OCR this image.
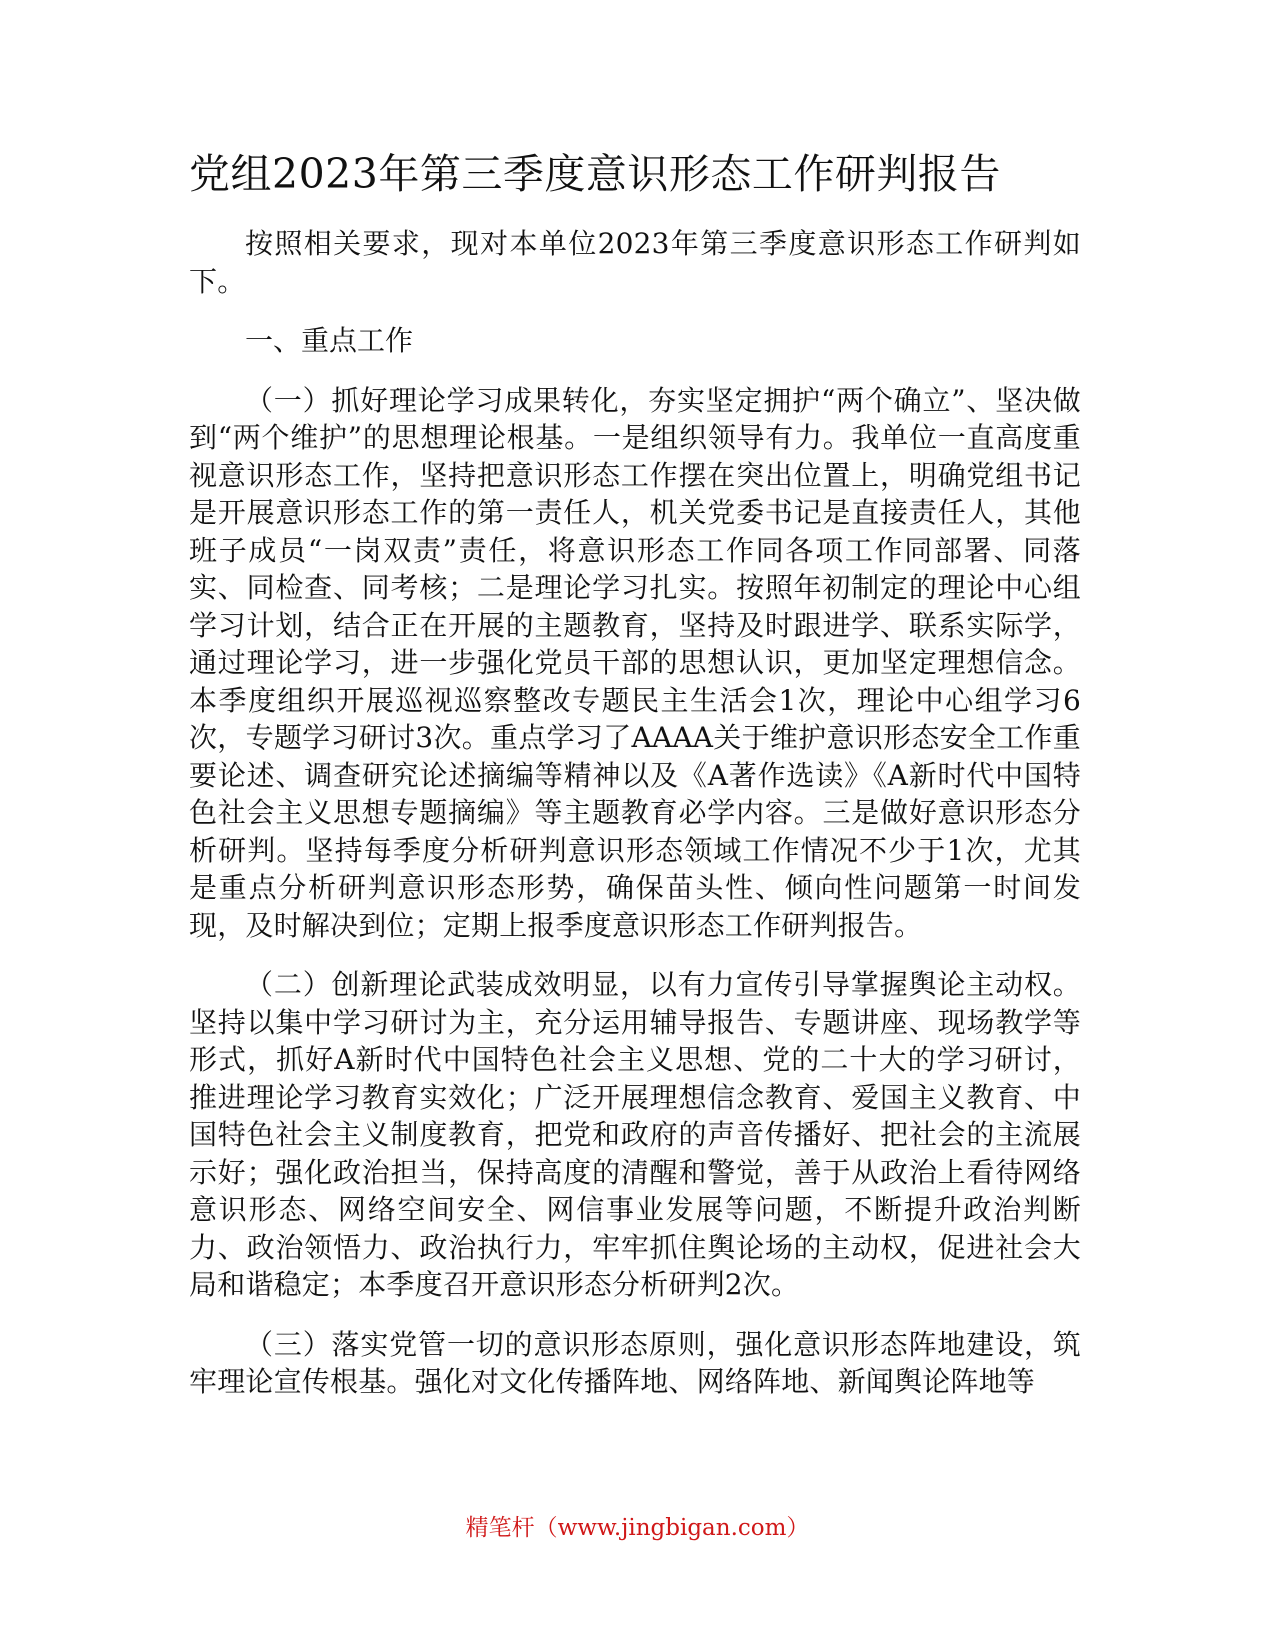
党组2023年第三季度意识形态工作研判报告

按照相关要求，现对本单位2023年第三季度意识形态工作研判如下。

一、重点工作

（一）抓好理论学习成果转化，夯实坚定拥护“两个确立”、坚决做到“两个维护”的思想理论根基。一是组织领导有力。我单位一直高度重视意识形态工作，坚持把意识形态工作摆在突出位置上，明确党组书记是开展意识形态工作的第一责任人，机关党委书记是直接责任人，其他班子成员“一岗双责”责任，将意识形态工作同各项工作同部署、同落实、同检查、同考核；二是理论学习扎实。按照年初制定的理论中心组学习计划，结合正在开展的主题教育，坚持及时跟进学、联系实际学，通过理论学习，进一步强化党员干部的思想认识，更加坚定理想信念。本季度组织开展巡视巡察整改专题民主生活会1次，理论中心组学习6次，专题学习研讨3次。重点学习了AAAA关于维护意识形态安全工作重要论述、调查研究论述摘编等精神以及《A著作选读》《A新时代中国特色社会主义思想专题摘编》等主题教育必学内容。三是做好意识形态分析研判。坚持每季度分析研判意识形态领域工作情况不少于1次，尤其是重点分析研判意识形态形势，确保苗头性、倾向性问题第一时间发现，及时解决到位；定期上报季度意识形态工作研判报告。

（二）创新理论武装成效明显，以有力宣传引导掌握舆论主动权。坚持以集中学习研讨为主，充分运用辅导报告、专题讲座、现场教学等形式，抓好A新时代中国特色社会主义思想、党的二十大的学习研讨，推进理论学习教育实效化；广泛开展理想信念教育、爱国主义教育、中国特色社会主义制度教育，把党和政府的声音传播好、把社会的主流展示好；强化政治担当，保持高度的清醒和警觉，善于从政治上看待网络意识形态、网络空间安全、网信事业发展等问题，不断提升政治判断力、政治领悟力、政治执行力，牢牢抓住舆论场的主动权，促进社会大局和谐稳定；本季度召开意识形态分析研判2次。

（三）落实党管一切的意识形态原则，强化意识形态阵地建设，筑牢理论宣传根基。强化对文化传播阵地、网络阵地、新闻舆论阵地等

精笔杆（www.jingbigan.com）
